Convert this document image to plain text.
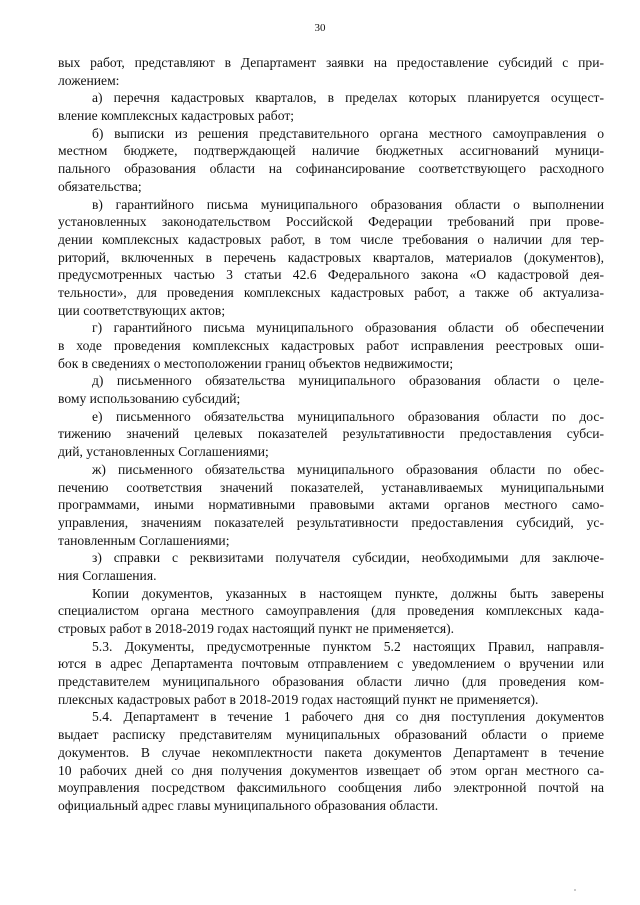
30
вых работ, представляют в Департамент заявки на предоставление субсидий с при-
ложением:
а) перечня кадастровых кварталов, в пределах которых планируется осущест-
вление комплексных кадастровых работ;
б) выписки из решения представительного органа местного самоуправления о
местном бюджете, подтверждающей наличие бюджетных ассигнований муници-
пального образования области на софинансирование соответствующего расходного
обязательства;
в) гарантийного письма муниципального образования области о выполнении
установленных законодательством Российской Федерации требований при прове-
дении комплексных кадастровых работ, в том числе требования о наличии для тер-
риторий, включенных в перечень кадастровых кварталов, материалов (документов),
предусмотренных частью 3 статьи 42.6 Федерального закона «О кадастровой дея-
тельности», для проведения комплексных кадастровых работ, а также об актуализа-
ции соответствующих актов;
г) гарантийного письма муниципального образования области об обеспечении
в ходе проведения комплексных кадастровых работ исправления реестровых оши-
бок в сведениях о местоположении границ объектов недвижимости;
д) письменного обязательства муниципального образования области о целе-
вому использованию субсидий;
е) письменного обязательства муниципального образования области по дос-
тижению значений целевых показателей результативности предоставления субси-
дий, установленных Соглашениями;
ж) письменного обязательства муниципального образования области по обес-
печению соответствия значений показателей, устанавливаемых муниципальными
программами, иными нормативными правовыми актами органов местного само-
управления, значениям показателей результативности предоставления субсидий, ус-
тановленным Соглашениями;
з) справки с реквизитами получателя субсидии, необходимыми для заключе-
ния Соглашения.
Копии документов, указанных в настоящем пункте, должны быть заверены
специалистом органа местного самоуправления (для проведения комплексных када-
стровых работ в 2018-2019 годах настоящий пункт не применяется).
5.3. Документы, предусмотренные пунктом 5.2 настоящих Правил, направля-
ются в адрес Департамента почтовым отправлением с уведомлением о вручении или
представителем муниципального образования области лично (для проведения ком-
плексных кадастровых работ в 2018-2019 годах настоящий пункт не применяется).
5.4. Департамент в течение 1 рабочего дня со дня поступления документов
выдает расписку представителям муниципальных образований области о приеме
документов. В случае некомплектности пакета документов Департамент в течение
10 рабочих дней со дня получения документов извещает об этом орган местного са-
моуправления посредством факсимильного сообщения либо электронной почтой на
официальный адрес главы муниципального образования области.
